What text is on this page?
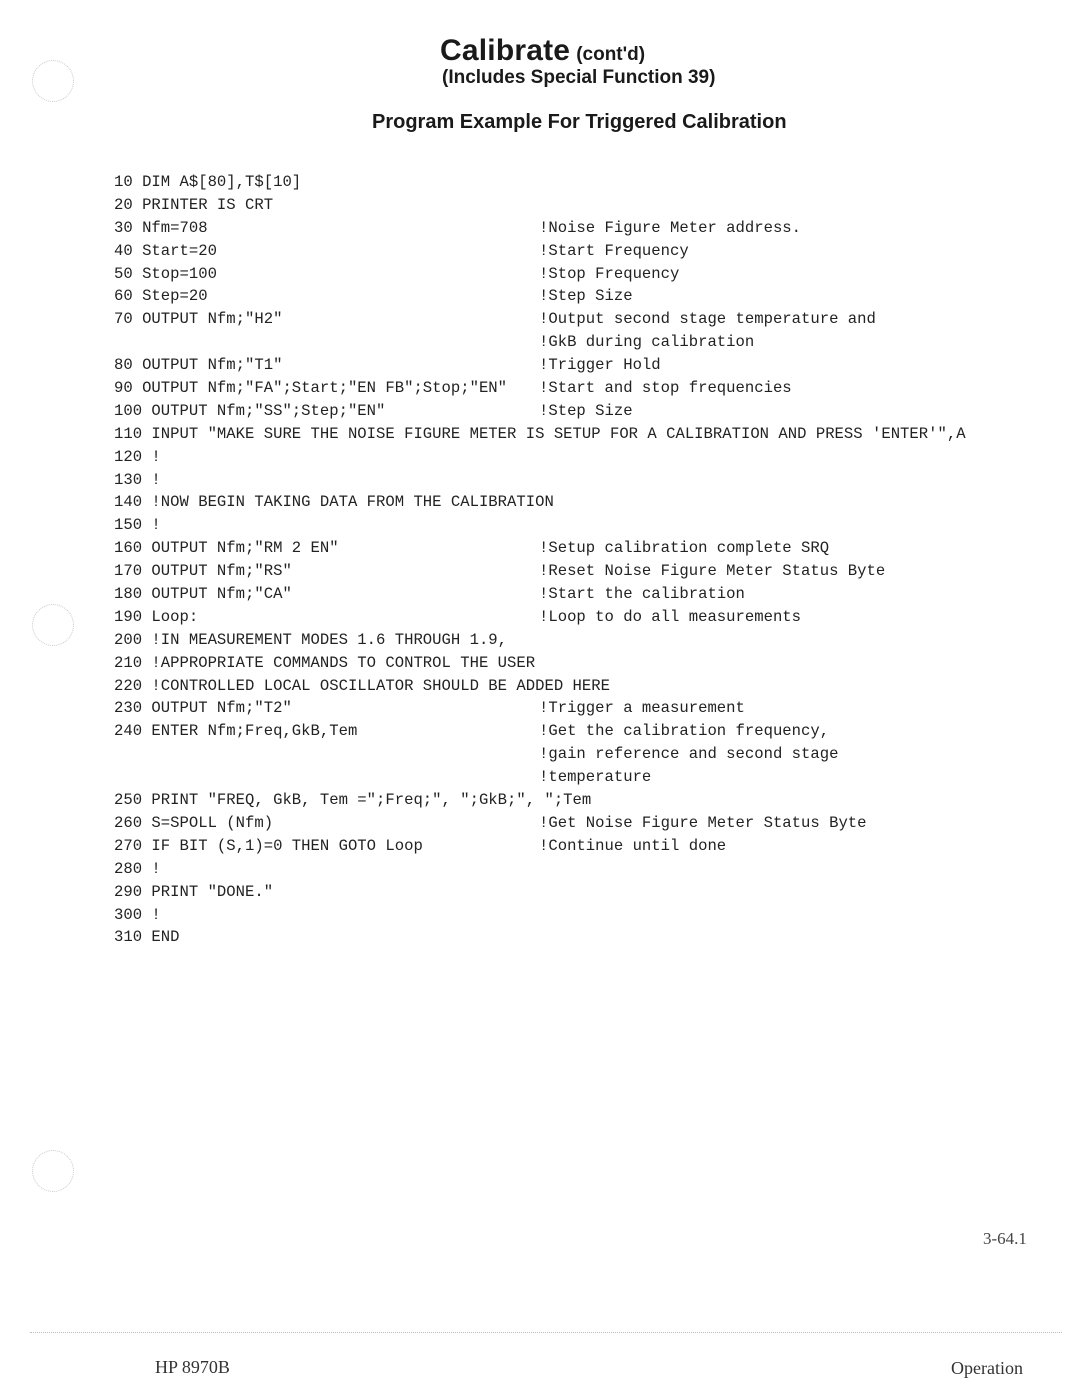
Calibrate (cont'd)
(Includes Special Function 39)
Program Example For Triggered Calibration
10 DIM A$[80],T$[10]
20 PRINTER IS CRT
30 Nfm=708	!Noise Figure Meter address.
40 Start=20	!Start Frequency
50 Stop=100	!Stop Frequency
60 Step=20	!Step Size
70 OUTPUT Nfm;"H2"	!Output second stage temperature and
!GkB during calibration
80 OUTPUT Nfm;"T1"	!Trigger Hold
90 OUTPUT Nfm;"FA";Start;"EN FB";Stop;"EN" !Start and stop frequencies
100 OUTPUT Nfm;"SS";Step;"EN"	!Step Size
110 INPUT "MAKE SURE THE NOISE FIGURE METER IS SETUP FOR A CALIBRATION AND PRESS 'ENTER'",A
120 !
130 !
140 !NOW BEGIN TAKING DATA FROM THE CALIBRATION
150 !
160 OUTPUT Nfm;"RM 2 EN"	!Setup calibration complete SRQ
170 OUTPUT Nfm;"RS"	!Reset Noise Figure Meter Status Byte
180 OUTPUT Nfm;"CA"	!Start the calibration
190 Loop:	!Loop to do all measurements
200 !IN MEASUREMENT MODES 1.6 THROUGH 1.9,
210 !APPROPRIATE COMMANDS TO CONTROL THE USER
220 !CONTROLLED LOCAL OSCILLATOR SHOULD BE ADDED HERE
230 OUTPUT Nfm;"T2"	!Trigger a measurement
240 ENTER Nfm;Freq,GkB,Tem	!Get the calibration frequency,
!gain reference and second stage
!temperature
250 PRINT "FREQ, GkB, Tem =";Freq;", ";GkB;", ";Tem
260 S=SPOLL (Nfm)	!Get Noise Figure Meter Status Byte
270 IF BIT (S,1)=0 THEN GOTO Loop	!Continue until done
280 !
290 PRINT "DONE."
300 !
310 END
3-64.1
HP 8970B	Operation
